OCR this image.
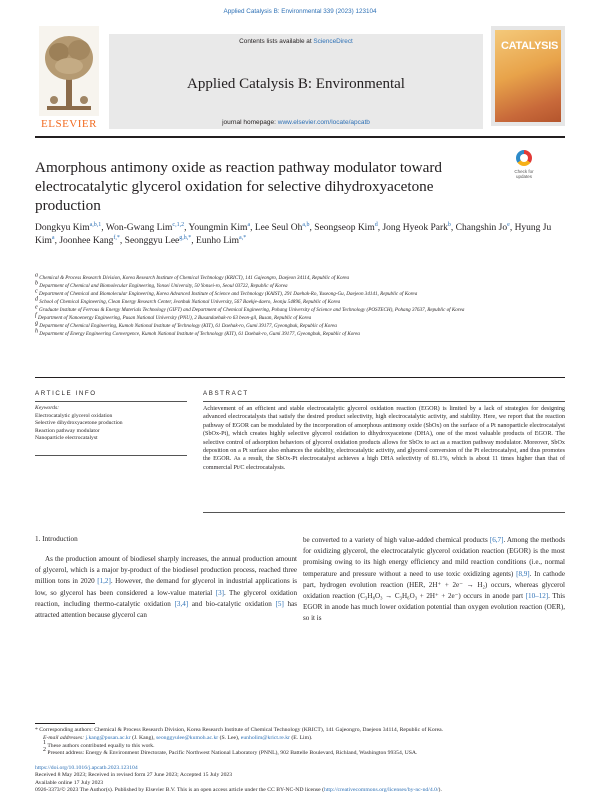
Applied Catalysis B: Environmental 339 (2023) 123104
ELSEVIER
Contents lists available at ScienceDirect
Applied Catalysis B: Environmental
journal homepage: www.elsevier.com/locate/apcatb
CATALYSIS
Amorphous antimony oxide as reaction pathway modulator toward electrocatalytic glycerol oxidation for selective dihydroxyacetone production
Check for
updates
Dongkyu Kim$^{a,b,1}$, Won-Gwang Lim$^{c,1,2}$, Youngmin Kim$^a$, Lee Seul Oh$^{a,b}$, Seongseop Kim$^d$, Jong Hyeok Park$^b$, Changshin Jo$^e$, Hyung Ju Kim$^a$, Joonhee Kang$^{f,*}$, Seonggyu Lee$^{g,h,*}$, Eunho Lim$^{a,*}$
$^a$ Chemical & Process Research Division, Korea Research Institute of Chemical Technology (KRICT), 141 Gajeongro, Daejeon 34114, Republic of Korea
$^b$ Department of Chemical and Biomolecular Engineering, Yonsei University, 50 Yonsei-ro, Seoul 03722, Republic of Korea
$^c$ Department of Chemical and Biomolecular Engineering, Korea Advanced Institute of Science and Technology (KAIST), 291 Daehak-Ro, Yuseong-Gu, Daejeon 34141, Republic of Korea
$^d$ School of Chemical Engineering, Clean Energy Research Center, Jeonbuk National University, 567 Baekje-daero, Jeonju 54896, Republic of Korea
$^e$ Graduate Institute of Ferrous & Energy Materials Technology (GIFT) and Department of Chemical Engineering, Pohang University of Science and Technology (POSTECH), Pohang 37637, Republic of Korea
$^f$ Department of Nanoenergy Engineering, Pusan National University (PNU), 2 Busandaehak-ro 63 beon-gil, Busan, Republic of Korea
$^g$ Department of Chemical Engineering, Kumoh National Institute of Technology (KIT), 61 Daehak-ro, Gumi 39177, Gyeongbuk, Republic of Korea
$^h$ Department of Energy Engineering Convergence, Kumoh National Institute of Technology (KIT), 61 Daehak-ro, Gumi 39177, Gyeongbuk, Republic of Korea
ARTICLE INFO	ABSTRACT
Keywords:
Electrocatalytic glycerol oxidation
Selective dihydroxyacetone production
Reaction pathway modulator
Nanoparticle electrocatalyst
Achievement of an efficient and stable electrocatalytic glycerol oxidation reaction (EGOR) is limited by a lack of strategies for designing advanced electrocatalysts that satisfy the desired product selectivity, high electrocatalytic activity, and stability. Here, we report that the reaction pathway of EGOR can be modulated by the incorporation of amorphous antimony oxide (SbOx) on the surface of a Pt nanoparticle electrocatalyst (SbOx-Pt), which creates highly selective glycerol oxidation to dihydroxyacetone (DHA), one of the most valuable products of EGOR. The selective control of adsorption behaviors of glycerol oxidation products allows for SbOx to act as a reaction pathway modulator. Moreover, SbOx deposition on a Pt surface also enhances the stability, electrocatalytic activity, and glycerol conversion of the Pt electrocatalyst, and thus promotes the EGOR. As a result, the SbOx-Pt electrocatalyst achieves a high DHA selectivity of 81.1%, which is about 11 times higher than that of commercial Pt/C electrocatalysts.
1. Introduction

As the production amount of biodiesel sharply increases, the annual production amount of glycerol, which is a major by-product of the biodiesel production process, reached three million tons in 2020 [1,2]. However, the demand for glycerol in industrial applications is low, so glycerol has been considered a low-value material [3]. The glycerol oxidation reaction, including thermo-catalytic oxidation [3,4] and bio-catalytic oxidation [5] has attracted attention because glycerol can

be converted to a variety of high value-added chemical products [6,7]. Among the methods for oxidizing glycerol, the electrocatalytic glycerol oxidation reaction (EGOR) is the most promising owing to its high energy efficiency and mild reaction conditions (i.e., normal temperature and pressure without a need to use toxic oxidizing agents) [8,9]. In cathode part, hydrogen evolution reaction (HER, 2H⁺ + 2e⁻ → H₂) occurs, whereas glycerol oxidation reaction (C₃H₈O₃ → C₃H₆O₃ + 2H⁺ + 2e⁻) occurs in anode part [10–12]. This EGOR in anode has much lower oxidation potential than oxygen evolution reaction (OER), so it is

* Corresponding authors: Chemical & Process Research Division, Korea Research Institute of Chemical Technology (KRICT), 141 Gajeongro, Daejeon 34114, Republic of Korea.
E-mail addresses: j.kang@pusan.ac.kr (J. Kang), seonggyulee@kumoh.ac.kr (S. Lee), eunholim@krict.re.kr (E. Lim).
$^1$ These authors contributed equally to this work.
$^2$ Present address: Energy & Environment Directorate, Pacific Northwest National Laboratory (PNNL), 902 Battelle Boulevard, Richland, Washington 99354, USA.
https://doi.org/10.1016/j.apcatb.2023.123104
Received 8 May 2023; Received in revised form 27 June 2023; Accepted 15 July 2023
Available online 17 July 2023
0926-3373/© 2023 The Author(s). Published by Elsevier B.V. This is an open access article under the CC BY-NC-ND license (http://creativecommons.org/licenses/by-nc-nd/4.0/).
